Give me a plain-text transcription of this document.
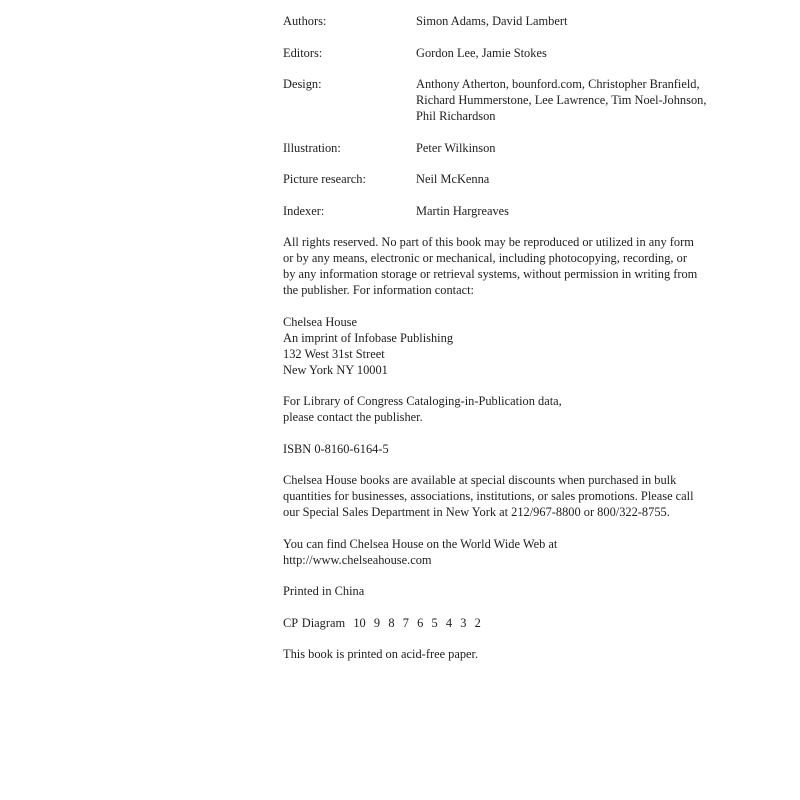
Authors:	Simon Adams, David Lambert
Editors:	Gordon Lee, Jamie Stokes
Design:	Anthony Atherton, bounford.com, Christopher Branfield,
Richard Hummerstone, Lee Lawrence, Tim Noel-Johnson,
Phil Richardson
Illustration:	Peter Wilkinson
Picture research:	Neil McKenna
Indexer:	Martin Hargreaves

All rights reserved. No part of this book may be reproduced or utilized in any form
or by any means, electronic or mechanical, including photocopying, recording, or
by any information storage or retrieval systems, without permission in writing from
the publisher. For information contact:

Chelsea House
An imprint of Infobase Publishing
132 West 31st Street
New York NY 10001

For Library of Congress Cataloging-in-Publication data,
please contact the publisher.

ISBN 0-8160-6164-5

Chelsea House books are available at special discounts when purchased in bulk
quantities for businesses, associations, institutions, or sales promotions. Please call
our Special Sales Department in New York at 212/967-8800 or 800/322-8755.

You can find Chelsea House on the World Wide Web at
http://www.chelseahouse.com

Printed in China

CP Diagram  10  9  8  7  6  5  4  3  2

This book is printed on acid-free paper.
